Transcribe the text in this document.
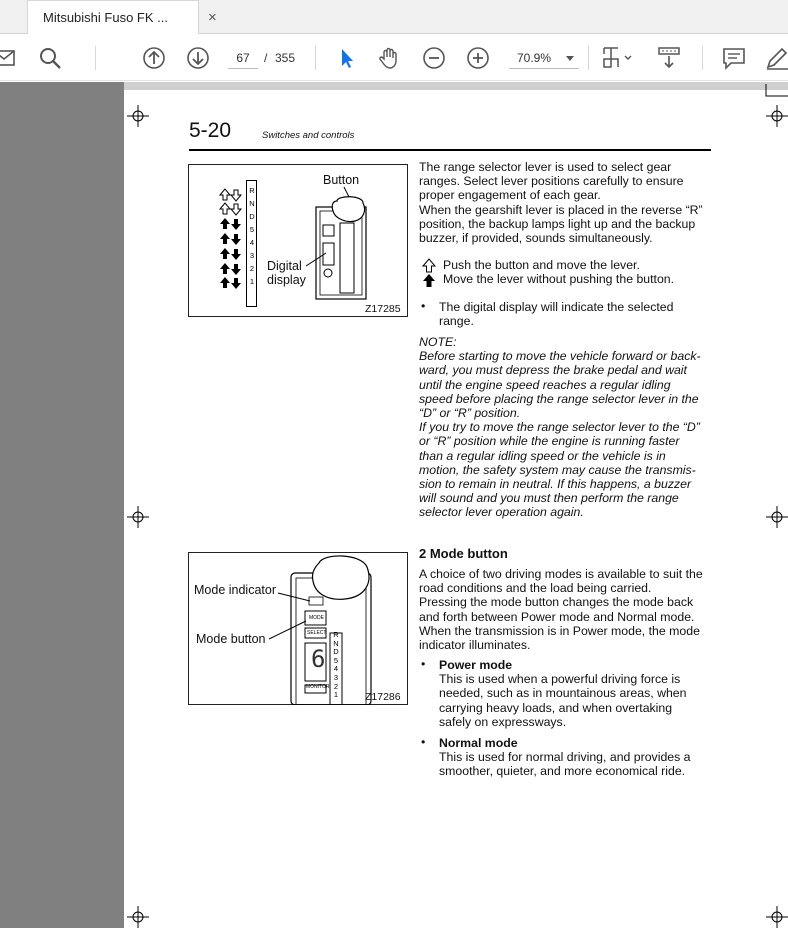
Mitsubishi Fuso FK ...	×
67	/ 355	70.9%
5-20	Switches and controls
R
N
D
5
4
3
2
1
Button
Digital
display
Z17285
MODE
SELECT
6
MONITOR
R
N
D
5
4
3
2
1
Mode indicator
Mode button
Z17286
The range selector lever is used to select gear
ranges. Select lever positions carefully to ensure
proper engagement of each gear.
When the gearshift lever is placed in the reverse “R”
position, the backup lamps light up and the backup
buzzer, if provided, sounds simultaneously.
Push the button and move the lever.
Move the lever without pushing the button.
• The digital display will indicate the selected
range.
NOTE:
Before starting to move the vehicle forward or back-
ward, you must depress the brake pedal and wait
until the engine speed reaches a regular idling
speed before placing the range selector lever in the
“D” or “R” position.
If you try to move the range selector lever to the “D”
or “R” position while the engine is running faster
than a regular idling speed or the vehicle is in
motion, the safety system may cause the transmis-
sion to remain in neutral. If this happens, a buzzer
will sound and you must then perform the range
selector lever operation again.
2 Mode button
A choice of two driving modes is available to suit the
road conditions and the load being carried.
Pressing the mode button changes the mode back
and forth between Power mode and Normal mode.
When the transmission is in Power mode, the mode
indicator illuminates.
• Power mode
This is used when a powerful driving force is
needed, such as in mountainous areas, when
carrying heavy loads, and when overtaking
safely on expressways.
• Normal mode
This is used for normal driving, and provides a
smoother, quieter, and more economical ride.
